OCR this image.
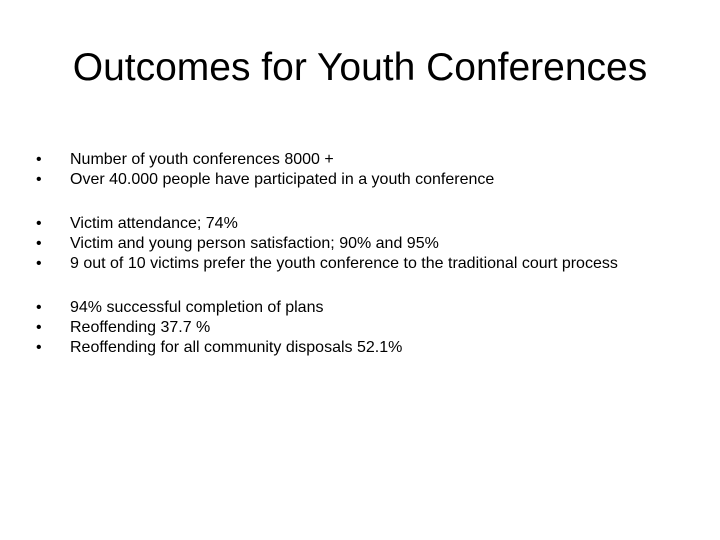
Outcomes for Youth Conferences
•	Number of youth conferences 8000 +
•	Over 40.000 people have participated in a youth conference
•	Victim attendance; 74%
•	Victim and young person satisfaction; 90% and 95%
•	9 out of 10 victims prefer the youth conference to the traditional court process
•	94% successful completion of plans
•	Reoffending 37.7 %
•	Reoffending for all community disposals 52.1%
